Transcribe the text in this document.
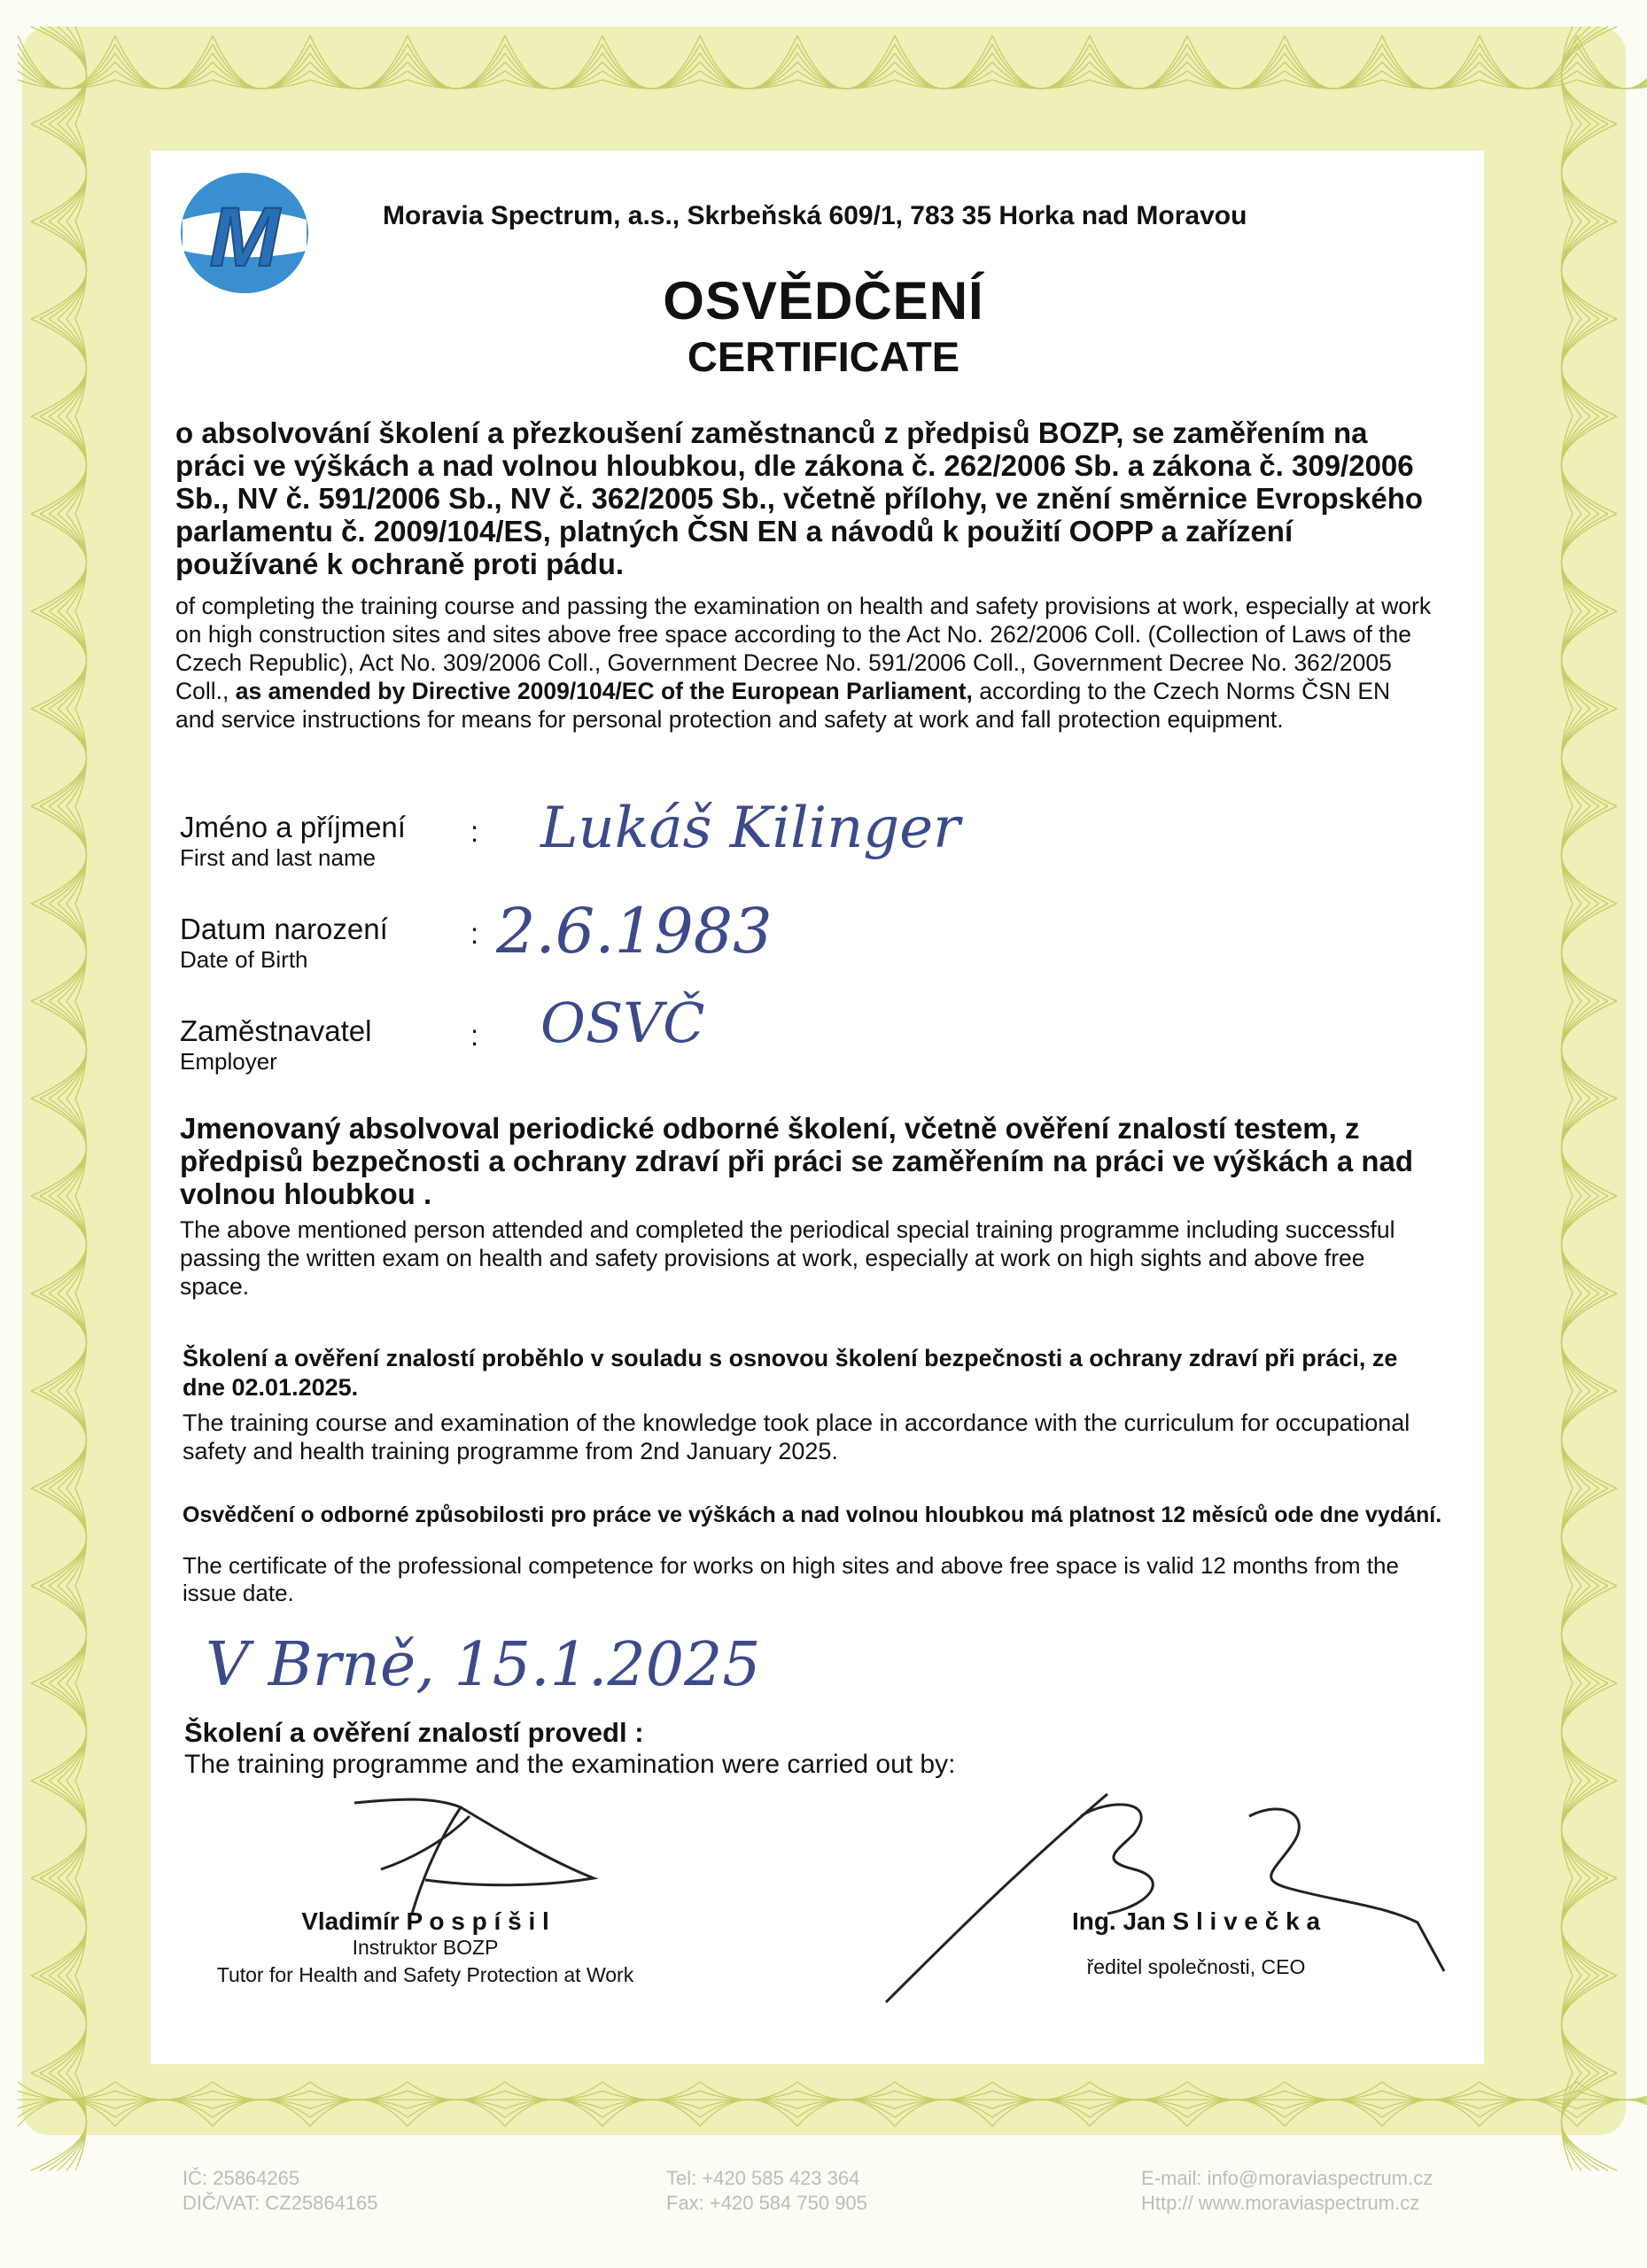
M	Moravia Spectrum, a.s., Skrbeňská 609/1, 783 35 Horka nad Moravou
OSVĚDČENÍ
CERTIFICATE
o absolvování školení a přezkoušení zaměstnanců z předpisů BOZP, se zaměřením na práci ve výškách a nad volnou hloubkou, dle zákona č. 262/2006 Sb. a zákona č. 309/2006 Sb., NV č. 591/2006 Sb., NV č. 362/2005 Sb., včetně přílohy, ve znění směrnice Evropského parlamentu č. 2009/104/ES, platných ČSN EN a návodů k použití OOPP a zařízení používané k ochraně proti pádu.
of completing the training course and passing the examination on health and safety provisions at work, especially at work on high construction sites and sites above free space according to the Act No. 262/2006 Coll. (Collection of Laws of the Czech Republic), Act No. 309/2006 Coll., Government Decree No. 591/2006 Coll., Government Decree No. 362/2005 Coll., as amended by Directive 2009/104/EC of the European Parliament, according to the Czech Norms ČSN EN and service instructions for means for personal protection and safety at work and fall protection equipment.
Jméno a příjmení
First and last name
: Lukáš Kilinger
Datum narození
Date of Birth
: 2.6.1983
Zaměstnavatel
Employer
: OSVČ
Jmenovaný absolvoval periodické odborné školení, včetně ověření znalostí testem, z předpisů bezpečnosti a ochrany zdraví při práci se zaměřením na práci ve výškách a nad volnou hloubkou .
The above mentioned person attended and completed the periodical special training programme including successful passing the written exam on health and safety provisions at work, especially at work on high sights and above free space.
Školení a ověření znalostí proběhlo v souladu s osnovou školení bezpečnosti a ochrany zdraví při práci, ze dne 02.01.2025.
The training course and examination of the knowledge took place in accordance with the curriculum for occupational safety and health training programme from 2nd January 2025.
Osvědčení o odborné způsobilosti pro práce ve výškách a nad volnou hloubkou má platnost 12 měsíců ode dne vydání.
The certificate of the professional competence for works on high sites and above free space is valid 12 months from the issue date.
V Brně, 15.1.2025
Školení a ověření znalostí provedl :
The training programme and the examination were carried out by:
Vladimír P o s p í š i l
Instruktor BOZP
Tutor for Health and Safety Protection at Work
Ing. Jan S l i v e č k a
ředitel společnosti, CEO
IČ: 25864265
DIČ/VAT: CZ25864165
Tel: +420 585 423 364
Fax: +420 584 750 905
E-mail: info@moraviaspectrum.cz
Http:// www.moraviaspectrum.cz
